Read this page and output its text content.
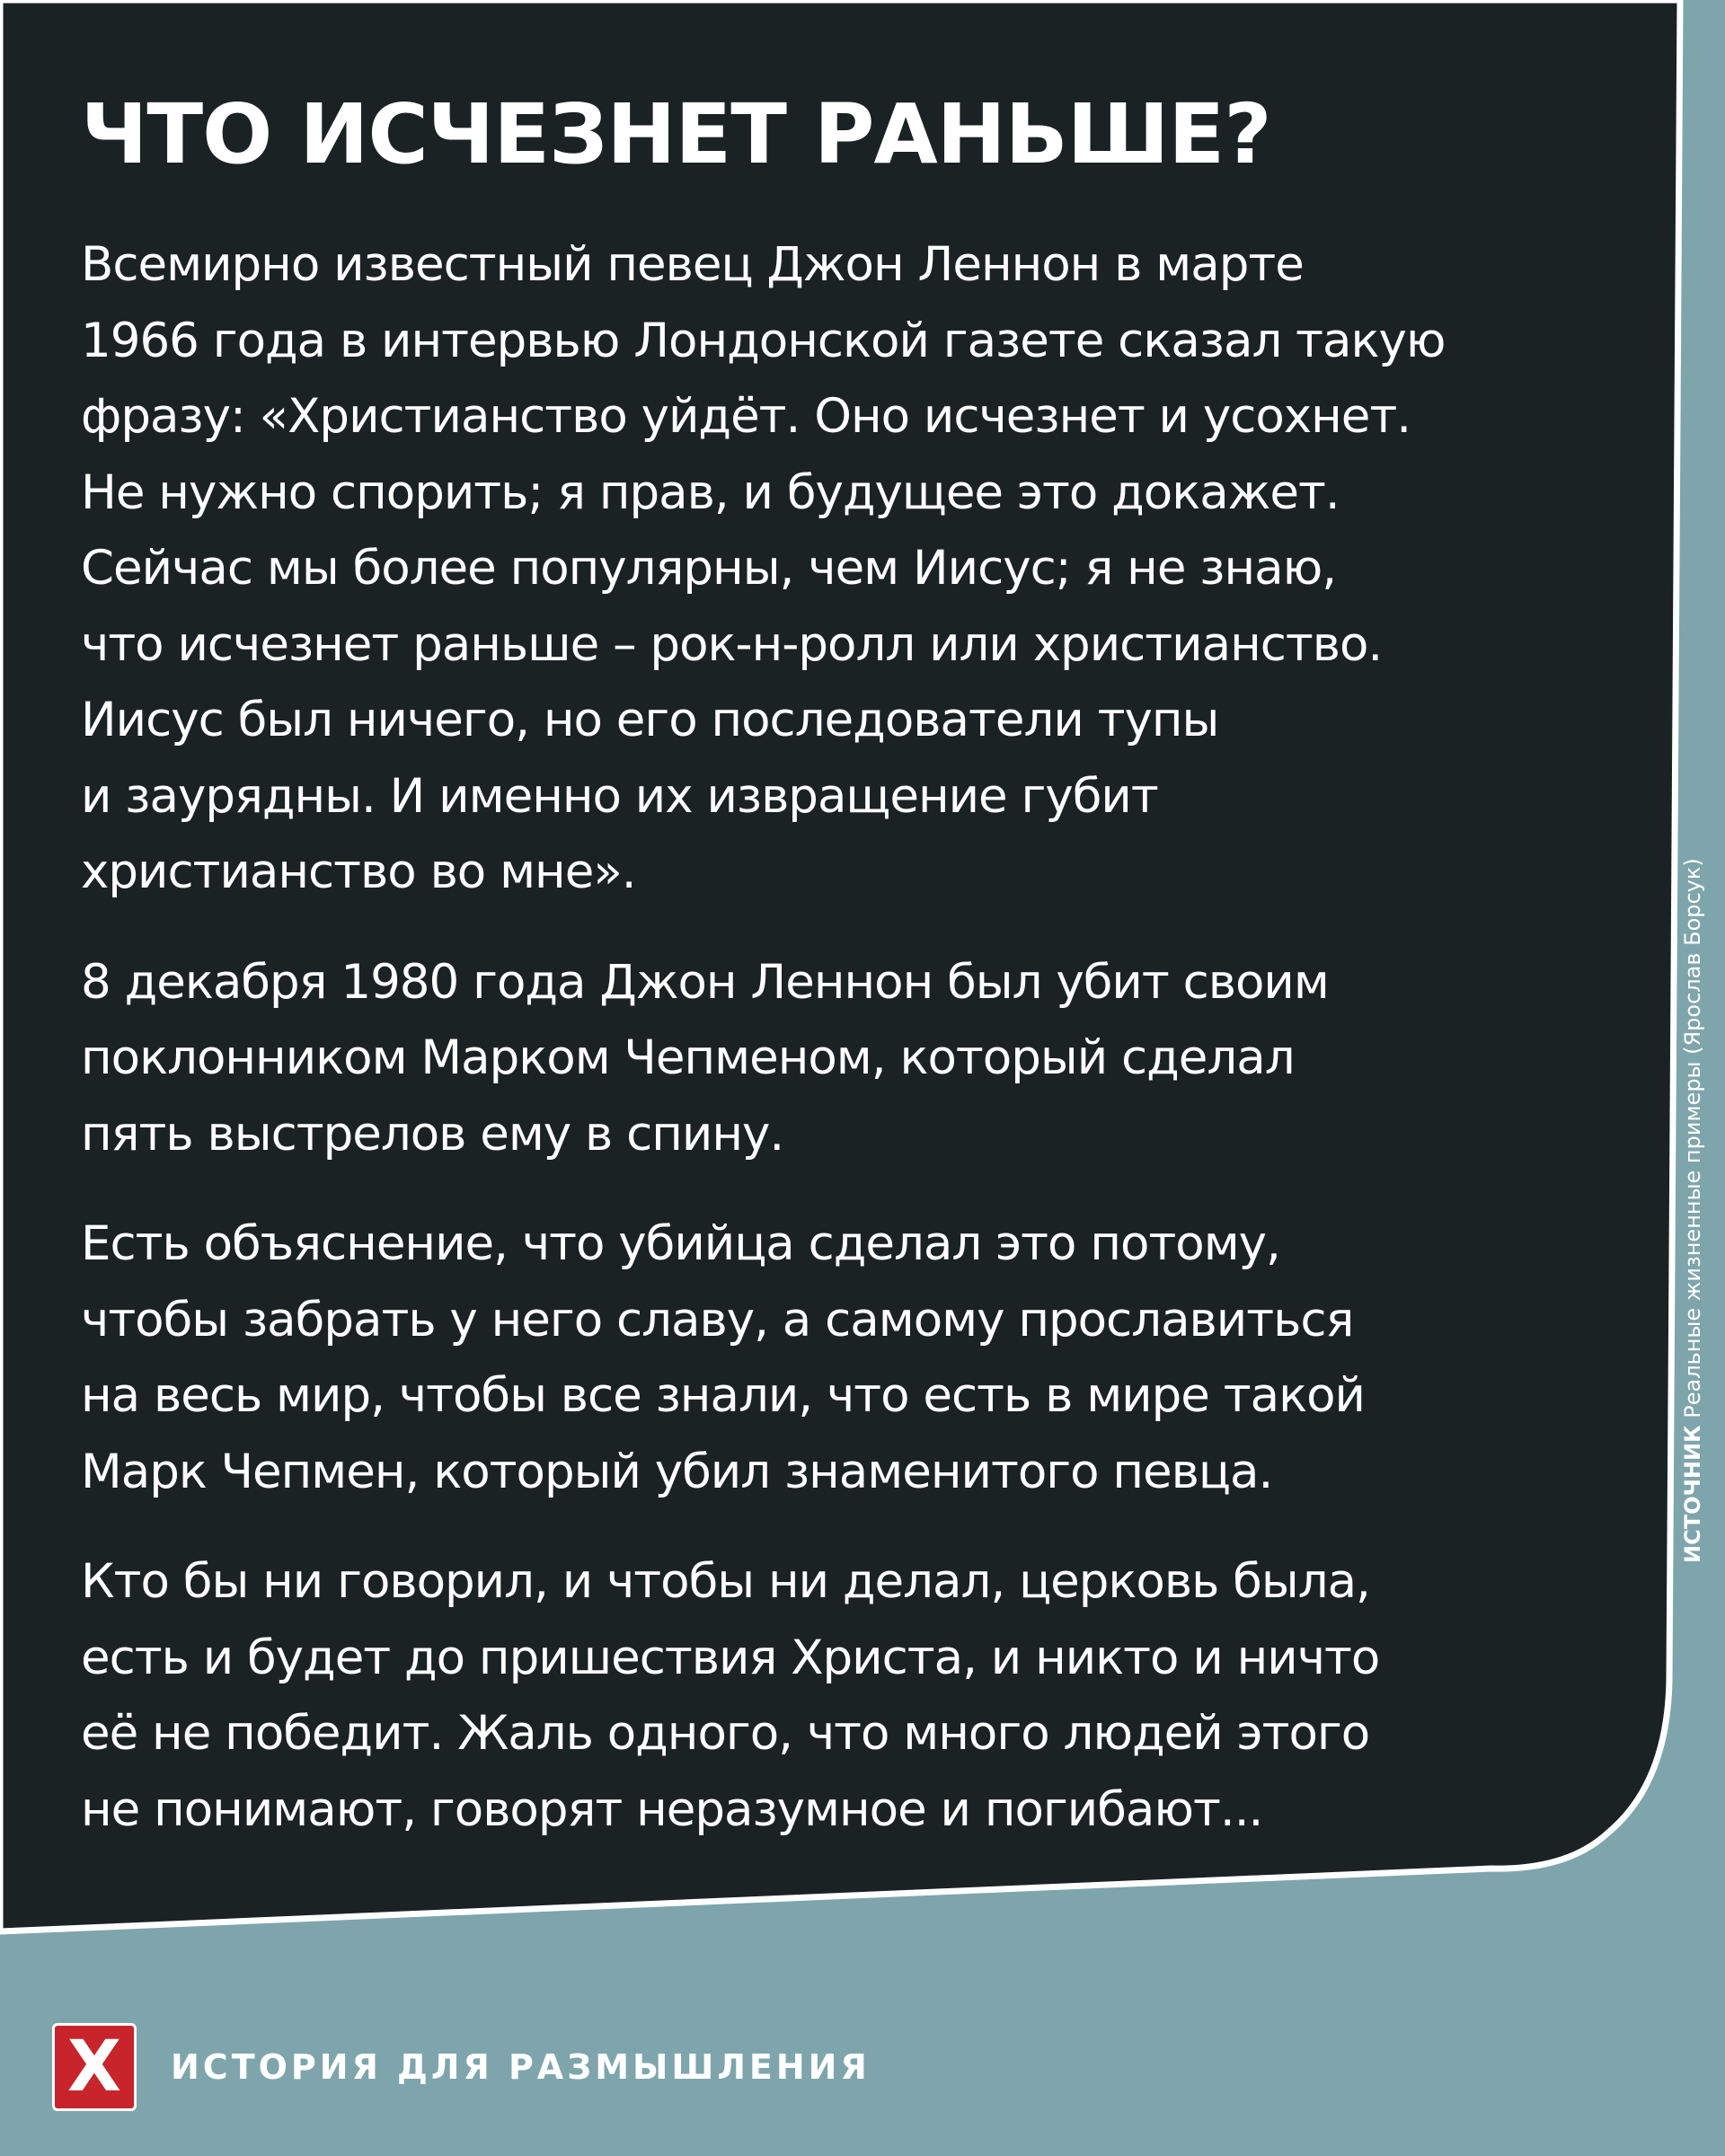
ЧТО ИСЧЕЗНЕТ РАНЬШЕ?

Всемирно известный певец Джон Леннон в марте
1966 года в интервью Лондонской газете сказал такую
фразу: «Христианство уйдёт. Оно исчезнет и усохнет.
Не нужно спорить; я прав, и будущее это докажет.
Сейчас мы более популярны, чем Иисус; я не знаю,
что исчезнет раньше – рок-н-ролл или христианство.
Иисус был ничего, но его последователи тупы
и заурядны. И именно их извращение губит
христианство во мне».

8 декабря 1980 года Джон Леннон был убит своим
поклонником Марком Чепменом, который сделал
пять выстрелов ему в спину.

Есть объяснение, что убийца сделал это потому,
чтобы забрать у него славу, а самому прославиться
на весь мир, чтобы все знали, что есть в мире такой
Марк Чепмен, который убил знаменитого певца.

Кто бы ни говорил, и чтобы ни делал, церковь была,
есть и будет до пришествия Христа, и никто и ничто
её не победит. Жаль одного, что много людей этого
не понимают, говорят неразумное и погибают...

ИСТОЧНИК Реальные жизненные примеры (Ярослав Борсук)
X	ИСТОРИЯ ДЛЯ РАЗМЫШЛЕНИЯ
